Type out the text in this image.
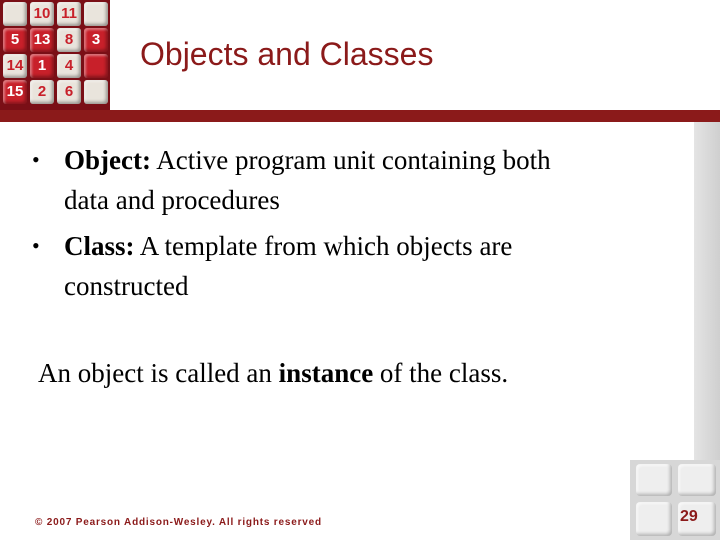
10 11
5 13 8	3
14 1	4
15 2	6
Objects and Classes
• Object: Active program unit containing both
data and procedures
• Class: A template from which objects are
constructed
An object is called an instance of the class.
© 2007 Pearson Addison-Wesley. All rights reserved	29
